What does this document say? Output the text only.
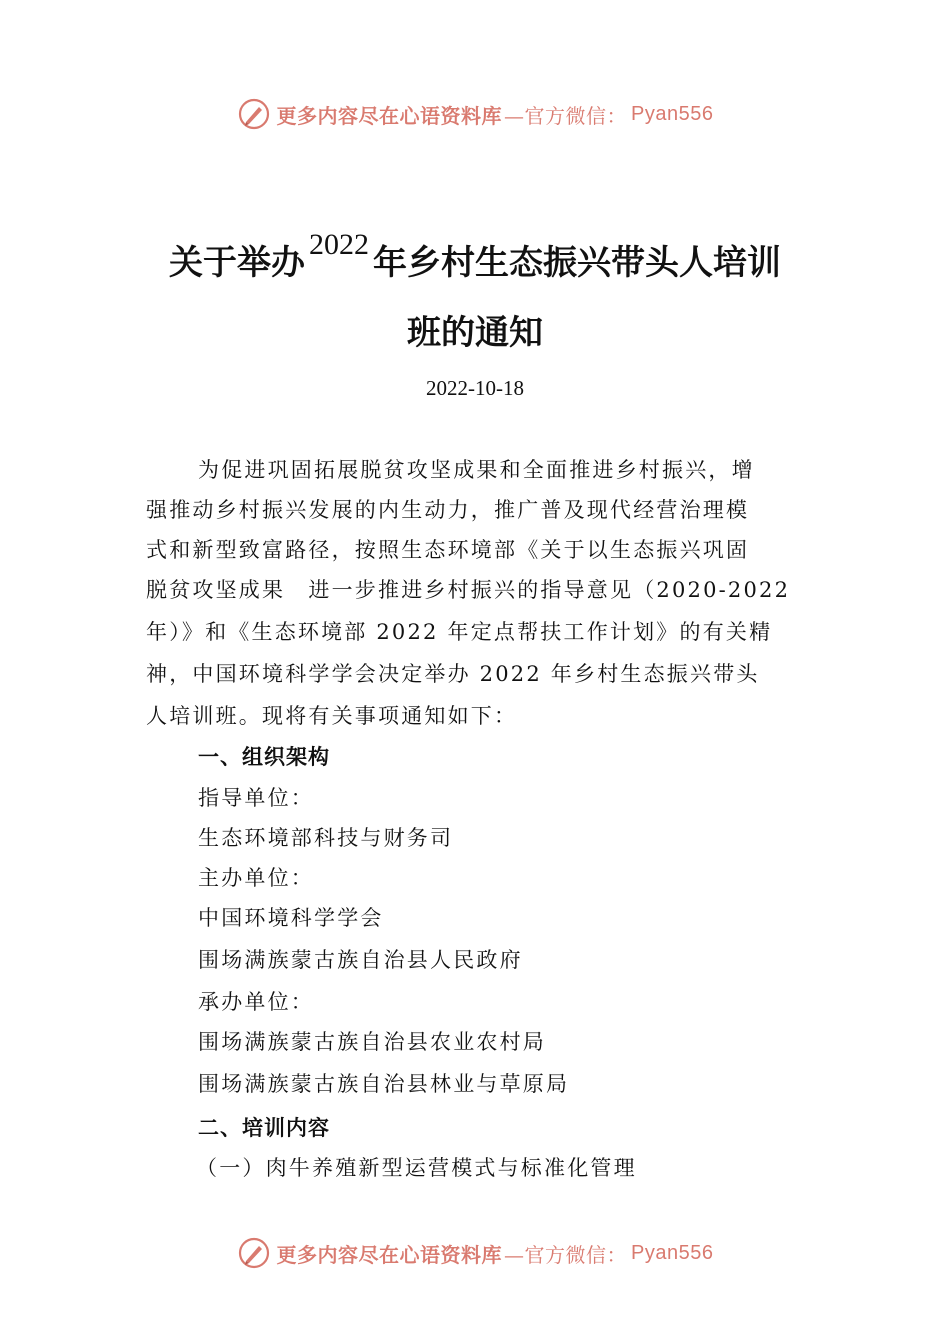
更多内容尽在心语资料库 —官方微信： Pyan556
关于举办 2022 年乡村生态振兴带头人培训
班的通知
2022-10-18
为促进巩固拓展脱贫攻坚成果和全面推进乡村振兴，增
强推动乡村振兴发展的内生动力，推广普及现代经营治理模
式和新型致富路径，按照生态环境部《关于以生态振兴巩固
脱贫攻坚成果　进一步推进乡村振兴的指导意见（2020-2022
年）》和《生态环境部 2022 年定点帮扶工作计划》的有关精
神，中国环境科学学会决定举办 2022 年乡村生态振兴带头
人培训班。现将有关事项通知如下：
一、组织架构
指导单位：
生态环境部科技与财务司
主办单位：
中国环境科学学会
围场满族蒙古族自治县人民政府
承办单位：
围场满族蒙古族自治县农业农村局
围场满族蒙古族自治县林业与草原局
二、培训内容
（一）肉牛养殖新型运营模式与标准化管理
更多内容尽在心语资料库 —官方微信： Pyan556
